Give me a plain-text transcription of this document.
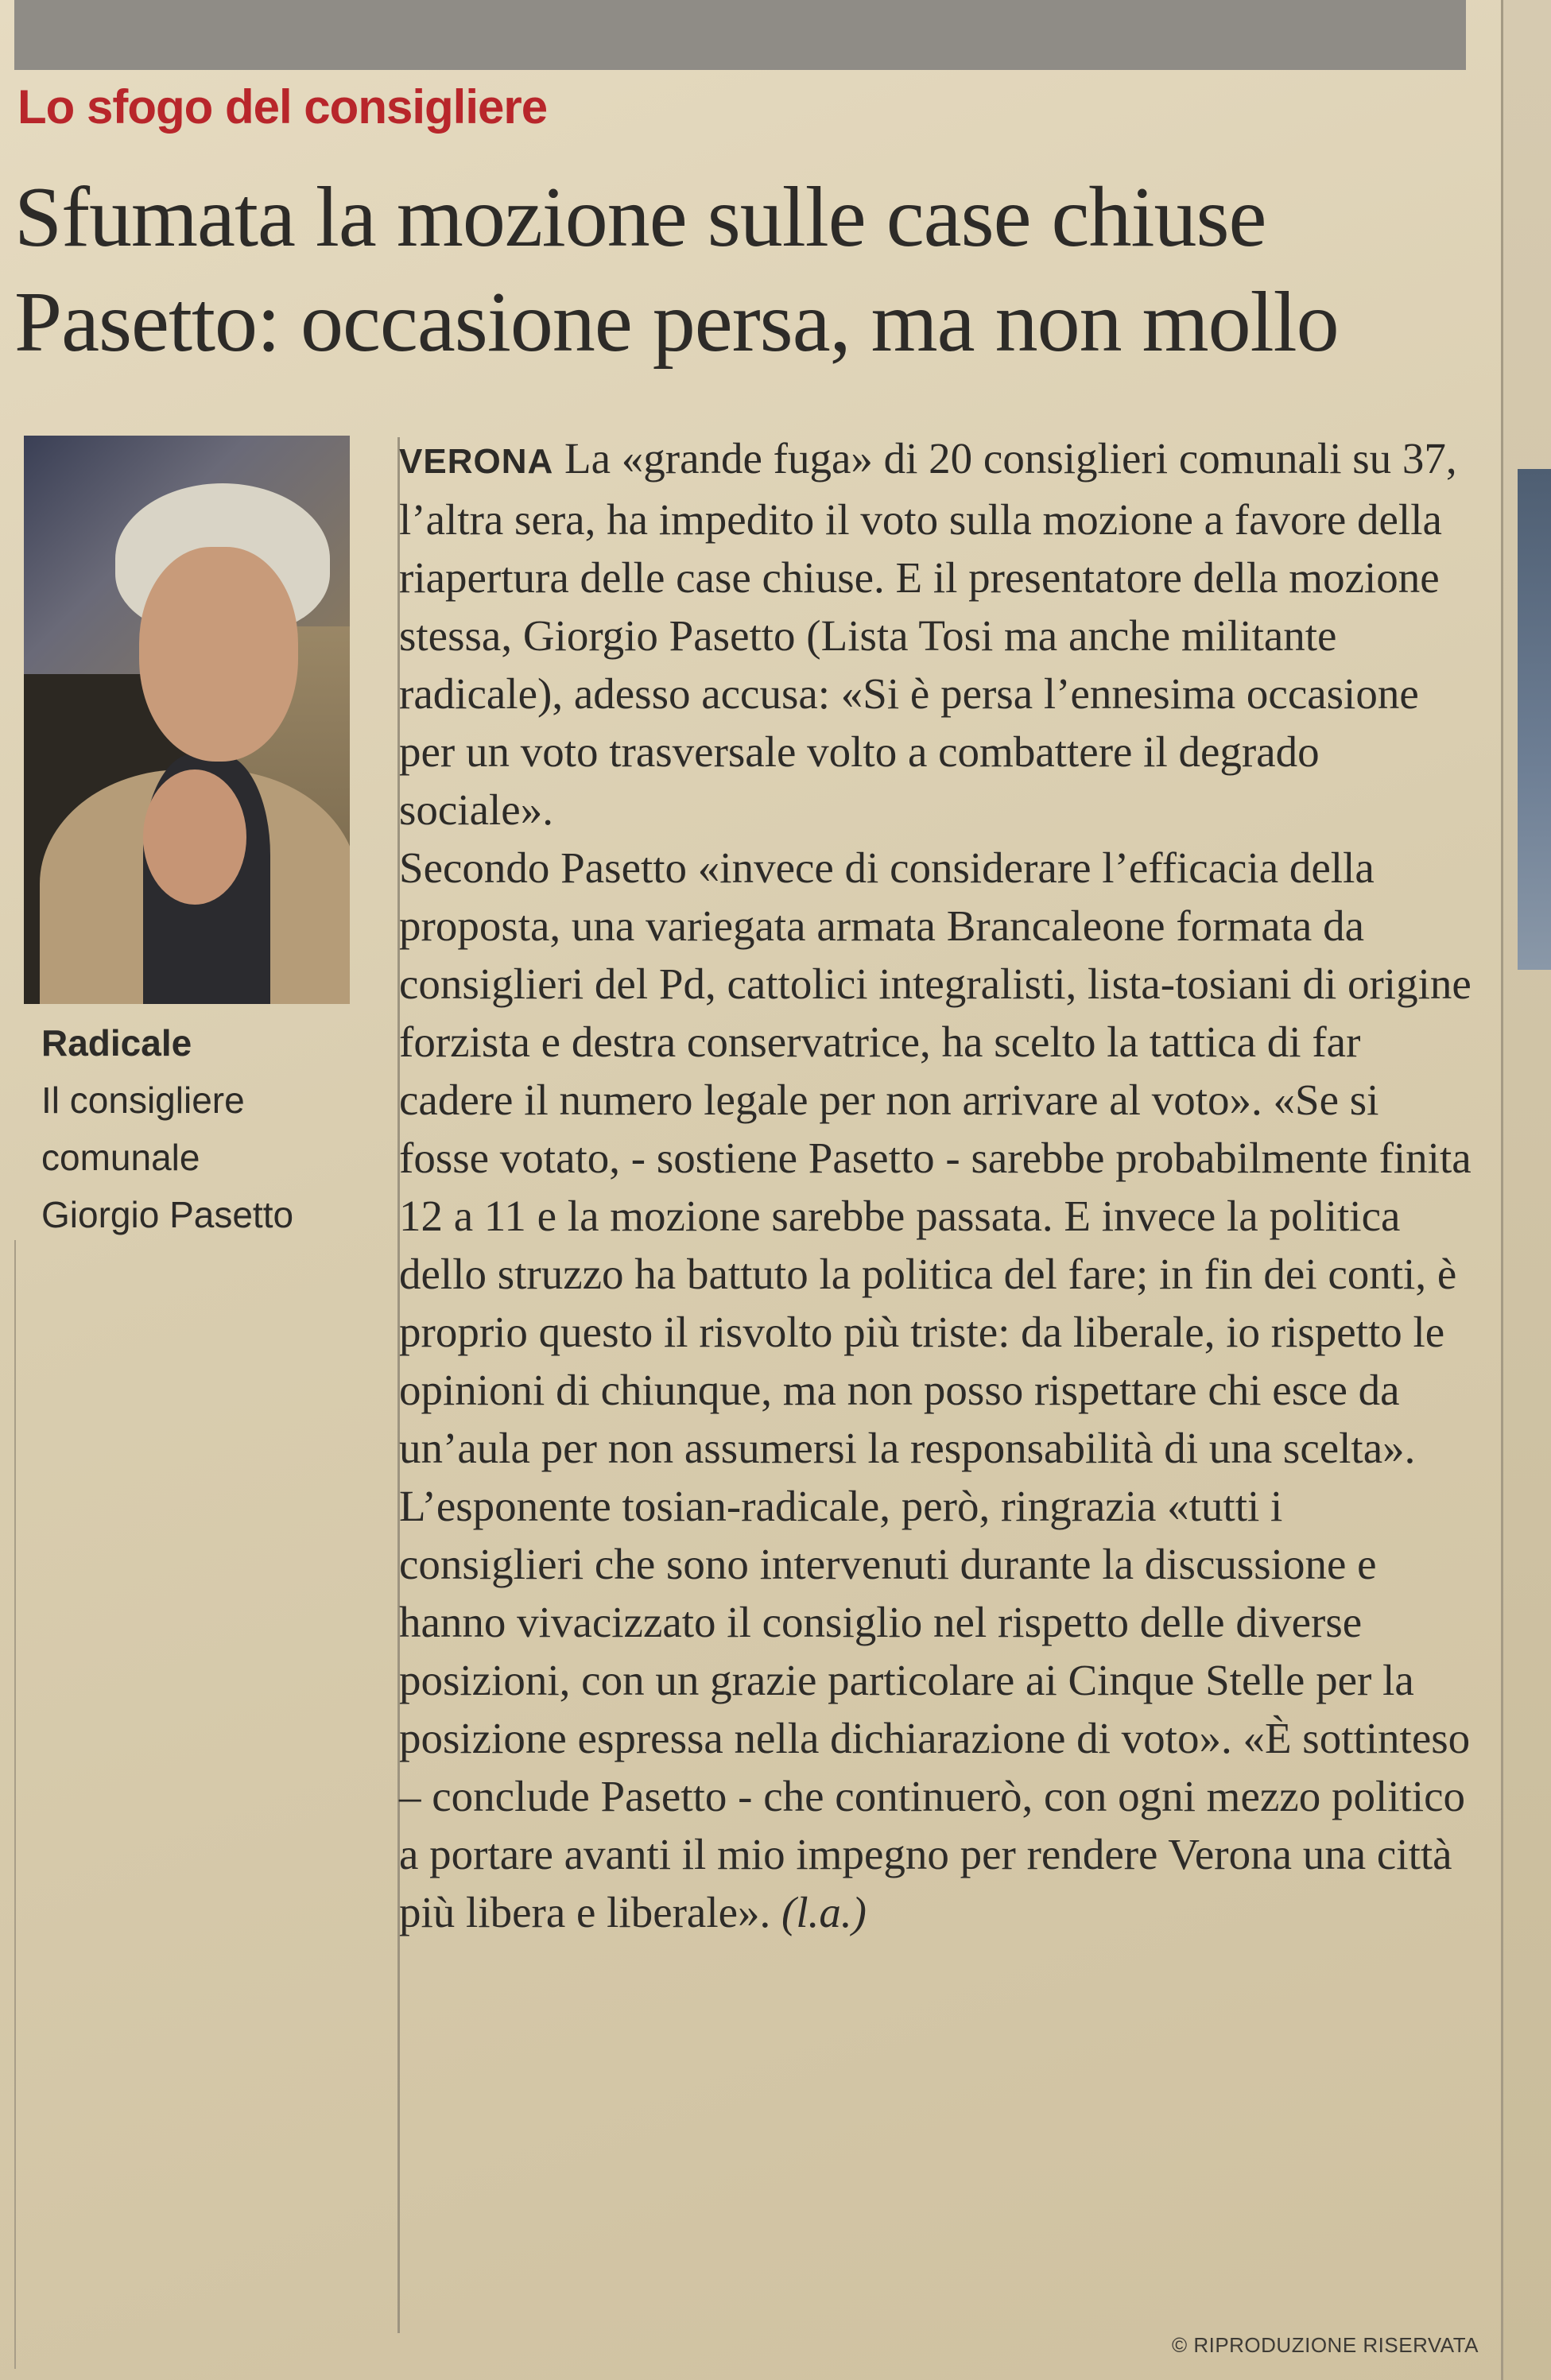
Lo sfogo del consigliere
Sfumata la mozione sulle case chiuse
Pasetto: occasione persa, ma non mollo
Radicale
Il consigliere
comunale
Giorgio Pasetto

VERONA La «grande fuga» di 20 consiglieri comunali su 37, l’altra sera, ha impedito il voto sulla mozione a favore della riapertura delle case chiuse. E il presentatore della mozione stessa, Giorgio Pasetto (Lista Tosi ma anche militante radicale), adesso accusa: «Si è persa l’ennesima occasione per un voto trasversale volto a combattere il degrado sociale».

Secondo Pasetto «invece di considerare l’efficacia della proposta, una variegata armata Brancaleone formata da consiglieri del Pd, cattolici integralisti, lista-tosiani di origine forzista e destra conservatrice, ha scelto la tattica di far cadere il numero legale per non arrivare al voto». «Se si fosse votato, - sostiene Pasetto - sarebbe probabilmente finita 12 a 11 e la mozione sarebbe passata. E invece la politica dello struzzo ha battuto la politica del fare; in fin dei conti, è proprio questo il risvolto più triste: da liberale, io rispetto le opinioni di chiunque, ma non posso rispettare chi esce da un’aula per non assumersi la responsabilità di una scelta».

L’esponente tosian-radicale, però, ringrazia «tutti i consiglieri che sono intervenuti durante la discussione e hanno vivacizzato il consiglio nel rispetto delle diverse posizioni, con un grazie particolare ai Cinque Stelle per la posizione espressa nella dichiarazione di voto». «È sottinteso – conclude Pasetto - che continuerò, con ogni mezzo politico a portare avanti il mio impegno per rendere Verona una città più libera e liberale». (l.a.)

© RIPRODUZIONE RISERVATA
